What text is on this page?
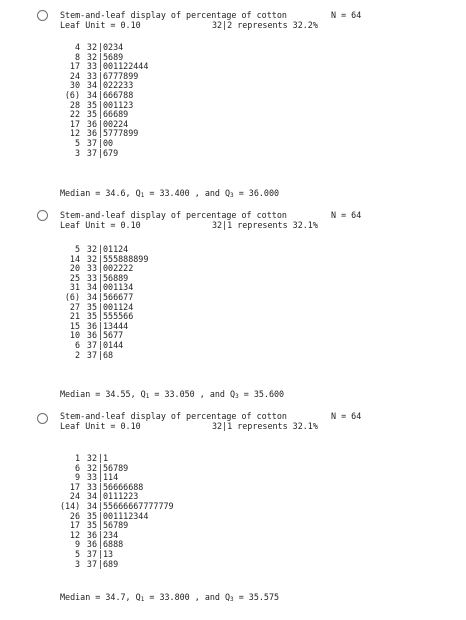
Stem-and-leaf display of percentage of cotton	N = 64
Leaf Unit = 0.10	32|2 represents 32.2%
4 32 0234
|
8 32 5689
|
17 33 001122444
|
24 33 6777899
|
30 34 022233
|
(6) 34 666788
|
28 35 001123
|
22 35 66689
|
17 36 00224
|
12 36 5777899
|
5 37 00
|
3 37 679
|
Median = 34.6, $Q_1 = 33.400$ , and $Q_3 = 36.000$
Stem-and-leaf display of percentage of cotton	N = 64
Leaf Unit = 0.10	32|1 represents 32.1%
5 32 01124
|
14 32 555888899
|
20 33 002222
|
25 33 56889
|
31 34 001134
|
(6) 34 566677
|
27 35 001124
|
21 35 555566
|
15 36 13444
|
10 36 5677
|
6 37 0144
|
2 37 68
|
Median = 34.55, $Q_1 = 33.050$ , and $Q_3 = 35.600$
Stem-and-leaf display of percentage of cotton	N = 64
Leaf Unit = 0.10	32|1 represents 32.1%
1 32 1
|
6 32 56789
|
9 33 114
|
17 33 56666688
|
24 34 0111223
|
(14) 34 55666667777779
|
26 35 001112344
|
17 35 56789
|
12 36 234
|
9 36 6888
|
5 37 13
|
3 37 689
|
Median = 34.7, $Q_1 = 33.800$ , and $Q_3 = 35.575$
